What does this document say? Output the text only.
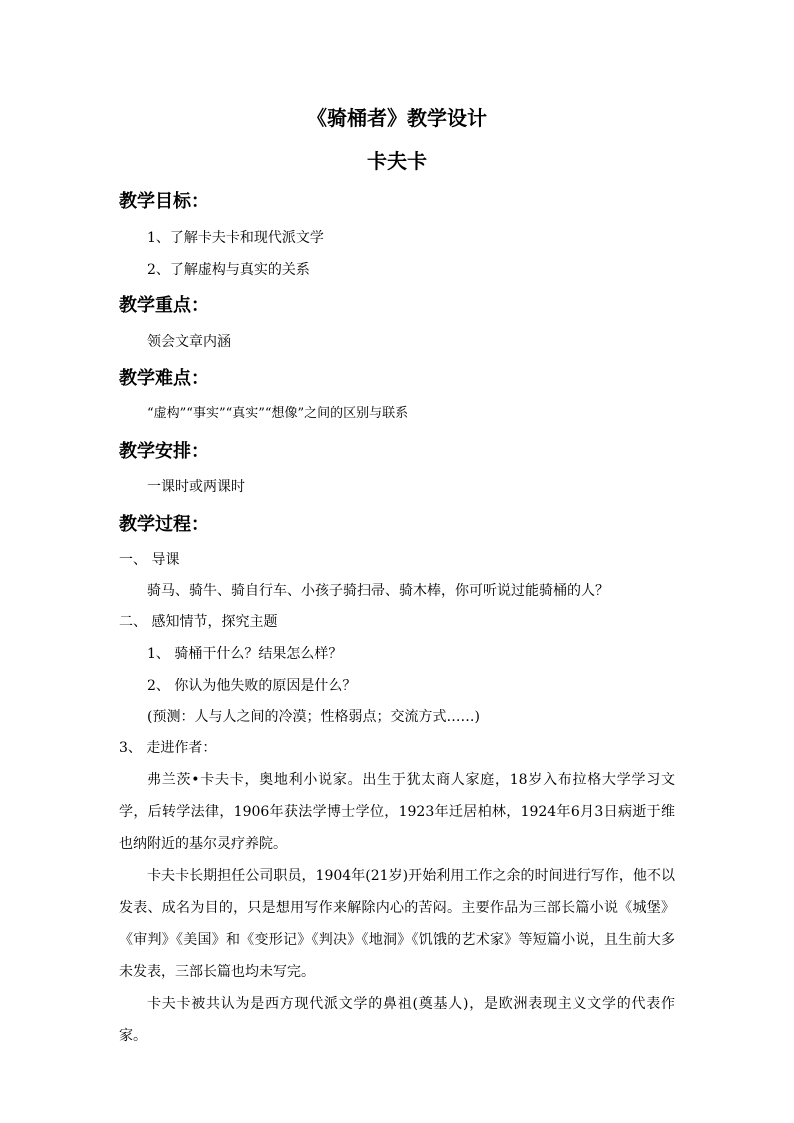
《骑桶者》教学设计
卡夫卡
教学目标：
1、了解卡夫卡和现代派文学
2、了解虚构与真实的关系
教学重点：
领会文章内涵
教学难点：
“虚构”“事实”“真实”“想像”之间的区别与联系
教学安排：
一课时或两课时
教学过程：
一、 导课
骑马、骑牛、骑自行车、小孩子骑扫帚、骑木棒，你可听说过能骑桶的人？
二、 感知情节，探究主题
1、 骑桶干什么？结果怎么样？
2、 你认为他失败的原因是什么？
(预测：人与人之间的冷漠；性格弱点；交流方式……)
3、 走进作者：
弗兰茨•卡夫卡，奥地利小说家。出生于犹太商人家庭，18岁入布拉格大学学习文学，后转学法律，1906年获法学博士学位，1923年迁居柏林，1924年6月3日病逝于维也纳附近的基尔灵疗养院。
卡夫卡长期担任公司职员，1904年(21岁)开始利用工作之余的时间进行写作，他不以发表、成名为目的，只是想用写作来解除内心的苦闷。主要作品为三部长篇小说《城堡》《审判》《美国》和《变形记》《判决》《地洞》《饥饿的艺术家》等短篇小说，且生前大多未发表，三部长篇也均未写完。
卡夫卡被共认为是西方现代派文学的鼻祖(奠基人)，是欧洲表现主义文学的代表作家。
